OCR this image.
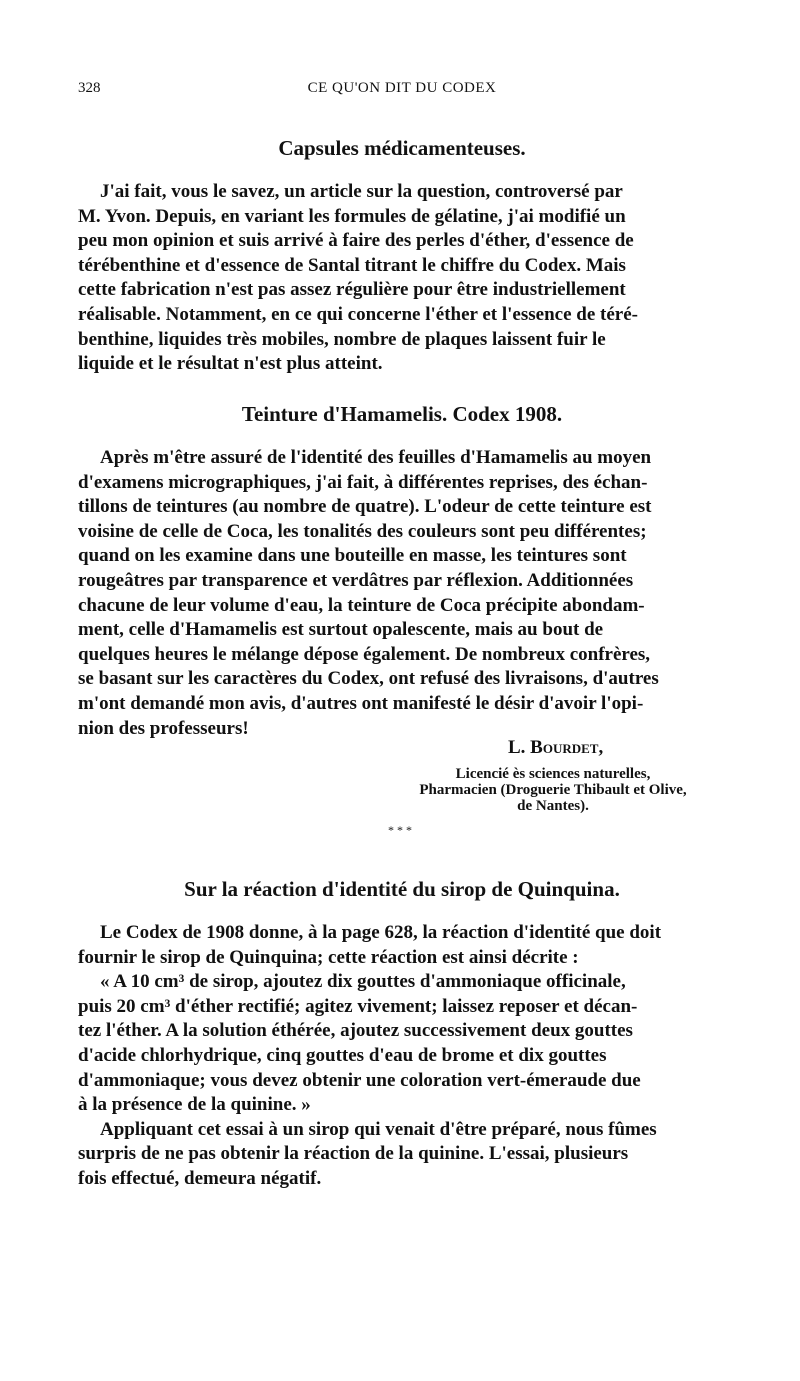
328	CE QU'ON DIT DU CODEX
Capsules médicamenteuses.
J'ai fait, vous le savez, un article sur la question, controversé par
M. Yvon. Depuis, en variant les formules de gélatine, j'ai modifié un
peu mon opinion et suis arrivé à faire des perles d'éther, d'essence de
térébenthine et d'essence de Santal titrant le chiffre du Codex. Mais
cette fabrication n'est pas assez régulière pour être industriellement
réalisable. Notamment, en ce qui concerne l'éther et l'essence de téré-
benthine, liquides très mobiles, nombre de plaques laissent fuir le
liquide et le résultat n'est plus atteint.
Teinture d'Hamamelis. Codex 1908.
Après m'être assuré de l'identité des feuilles d'Hamamelis au moyen
d'examens micrographiques, j'ai fait, à différentes reprises, des échan-
tillons de teintures (au nombre de quatre). L'odeur de cette teinture est
voisine de celle de Coca, les tonalités des couleurs sont peu différentes;
quand on les examine dans une bouteille en masse, les teintures sont
rougeâtres par transparence et verdâtres par réflexion. Additionnées
chacune de leur volume d'eau, la teinture de Coca précipite abondam-
ment, celle d'Hamamelis est surtout opalescente, mais au bout de
quelques heures le mélange dépose également. De nombreux confrères,
se basant sur les caractères du Codex, ont refusé des livraisons, d'autres
m'ont demandé mon avis, d'autres ont manifesté le désir d'avoir l'opi-
nion des professeurs!
L. Bourdet,
Licencié ès sciences naturelles,
Pharmacien (Droguerie Thibault et Olive,
de Nantes).
* * *
Sur la réaction d'identité du sirop de Quinquina.
Le Codex de 1908 donne, à la page 628, la réaction d'identité que doit
fournir le sirop de Quinquina; cette réaction est ainsi décrite :
« A 10 cm³ de sirop, ajoutez dix gouttes d'ammoniaque officinale,
puis 20 cm³ d'éther rectifié; agitez vivement; laissez reposer et décan-
tez l'éther. A la solution éthérée, ajoutez successivement deux gouttes
d'acide chlorhydrique, cinq gouttes d'eau de brome et dix gouttes
d'ammoniaque; vous devez obtenir une coloration vert-émeraude due
à la présence de la quinine. »
Appliquant cet essai à un sirop qui venait d'être préparé, nous fûmes
surpris de ne pas obtenir la réaction de la quinine. L'essai, plusieurs
fois effectué, demeura négatif.
